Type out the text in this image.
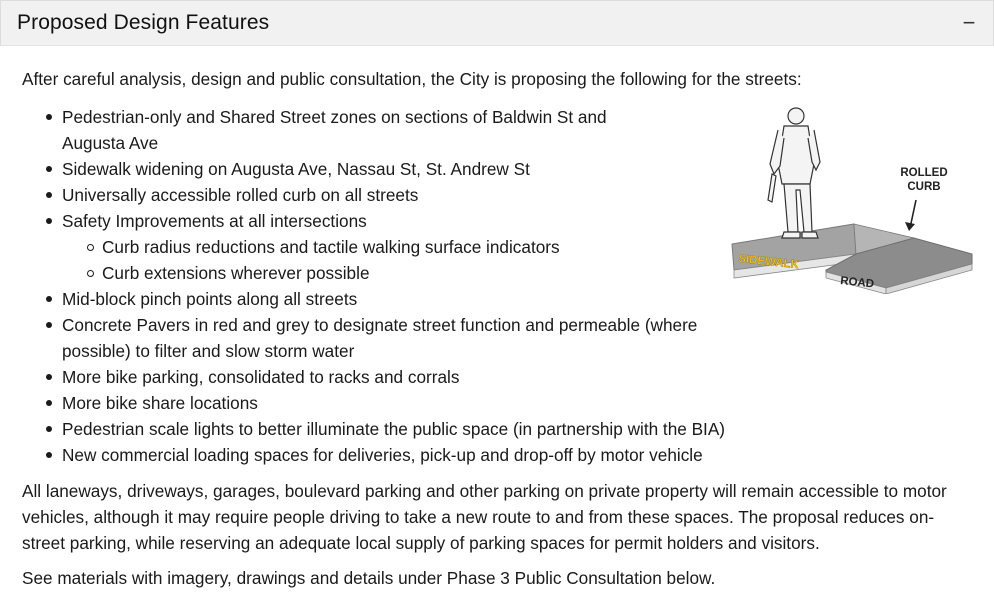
Proposed Design Features	−

After careful analysis, design and public consultation, the City is proposing the following for the streets:

Pedestrian-only and Shared Street zones on sections of Baldwin St and Augusta Ave
Sidewalk widening on Augusta Ave, Nassau St, St. Andrew St
Universally accessible rolled curb on all streets
Safety Improvements at all intersections
Curb radius reductions and tactile walking surface indicators
Curb extensions wherever possible
Mid-block pinch points along all streets
Concrete Pavers in red and grey to designate street function and permeable (where possible) to filter and slow storm water
More bike parking, consolidated to racks and corrals
More bike share locations
Pedestrian scale lights to better illuminate the public space (in partnership with the BIA)
New commercial loading spaces for deliveries, pick-up and drop-off by motor vehicle

All laneways, driveways, garages, boulevard parking and other parking on private property will remain accessible to motor vehicles, although it may require people driving to take a new route to and from these spaces. The proposal reduces on-street parking, while reserving an adequate local supply of parking spaces for permit holders and visitors.

See materials with imagery, drawings and details under Phase 3 Public Consultation below.

ROLLED
CURB
SIDEWALK
ROAD
